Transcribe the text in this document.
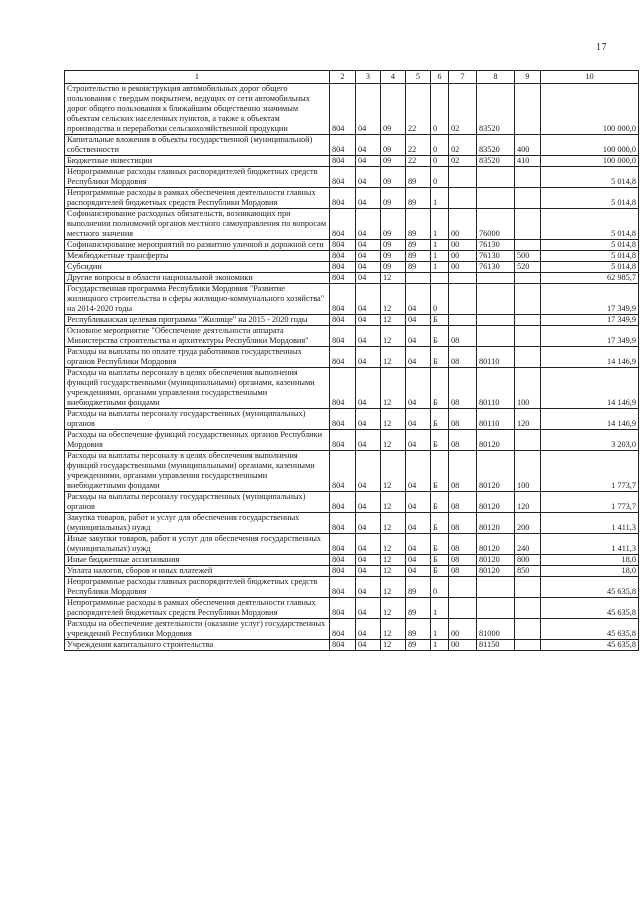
17
1	2	3	4	5	6	7	8	9	10
Строительство и реконструкция автомобильных дорог общего пользования с твердым покрытием, ведущих от сети автомобильных дорог общего пользования к ближайшим общественно значимым объектам сельских населенных пунктов, а также к объектам производства и переработки сельскохозяйственной продукции	804	04	09	22	0	02	83520		100 000,0
Капитальные вложения в объекты государственной (муниципальной) собственности	804	04	09	22	0	02	83520	400	100 000,0
Бюджетные инвестиции	804	04	09	22	0	02	83520	410	100 000,0
Непрограммные расходы главных распорядителей бюджетных средств Республики Мордовия	804	04	09	89	0				5 014,8
Непрограммные расходы в рамках обеспечения деятельности главных распорядителей бюджетных средств Республики Мордовия	804	04	09	89	1				5 014,8
Софинансирование расходных обязательств, возникающих при выполнении полномочий органов местного самоуправления по вопросам местного значения	804	04	09	89	1	00	76000		5 014,8
Софинансирование мероприятий по развитию уличной и дорожной сети	804	04	09	89	1	00	76130		5 014,8
Межбюджетные трансферты	804	04	09	89	1	00	76130	500	5 014,8
Субсидии	804	04	09	89	1	00	76130	520	5 014,8
Другие вопросы в области национальной экономики	804	04	12						62 985,7
Государственная программа Республики Мордовия "Развитие жилищного строительства и сферы жилищно-коммунального хозяйства" на 2014-2020 годы	804	04	12	04	0				17 349,9
Республиканская целевая программа "Жилище" на 2015 - 2020 годы	804	04	12	04	Б				17 349,9
Основное мероприятие "Обеспечение деятельности аппарата Министерства строительства и архитектуры Республики Мордовия"	804	04	12	04	Б	08			17 349,9
Расходы на выплаты по оплате труда работников государственных органов Республики Мордовия	804	04	12	04	Б	08	80110		14 146,9
Расходы на выплаты персоналу в целях обеспечения выполнения функций государственными (муниципальными) органами, казенными учреждениями, органами управления государственными внебюджетными фондами	804	04	12	04	Б	08	80110	100	14 146,9
Расходы на выплаты персоналу государственных (муниципальных) органов	804	04	12	04	Б	08	80110	120	14 146,9
Расходы на обеспечение функций государственных органов Республики Мордовия	804	04	12	04	Б	08	80120		3 203,0
Расходы на выплаты персоналу в целях обеспечения выполнения функций государственными (муниципальными) органами, казенными учреждениями, органами управления государственными внебюджетными фондами	804	04	12	04	Б	08	80120	100	1 773,7
Расходы на выплаты персоналу государственных (муниципальных) органов	804	04	12	04	Б	08	80120	120	1 773,7
Закупка товаров, работ и услуг для обеспечения государственных (муниципальных) нужд	804	04	12	04	Б	08	80120	200	1 411,3
Иные закупки товаров, работ и услуг для обеспечения государственных (муниципальных) нужд	804	04	12	04	Б	08	80120	240	1 411,3
Иные бюджетные ассигнования	804	04	12	04	Б	08	80120	800	18,0
Уплата налогов, сборов и иных платежей	804	04	12	04	Б	08	80120	850	18,0
Непрограммные расходы главных распорядителей бюджетных средств Республики Мордовия	804	04	12	89	0				45 635,8
Непрограммные расходы в рамках обеспечения деятельности главных распорядителей бюджетных средств Республики Мордовия	804	04	12	89	1				45 635,8
Расходы на обеспечение деятельности (оказание услуг) государственных учреждений Республики Мордовия	804	04	12	89	1	00	81000		45 635,8
Учреждения капитального строительства	804	04	12	89	1	00	81150		45 635,8
